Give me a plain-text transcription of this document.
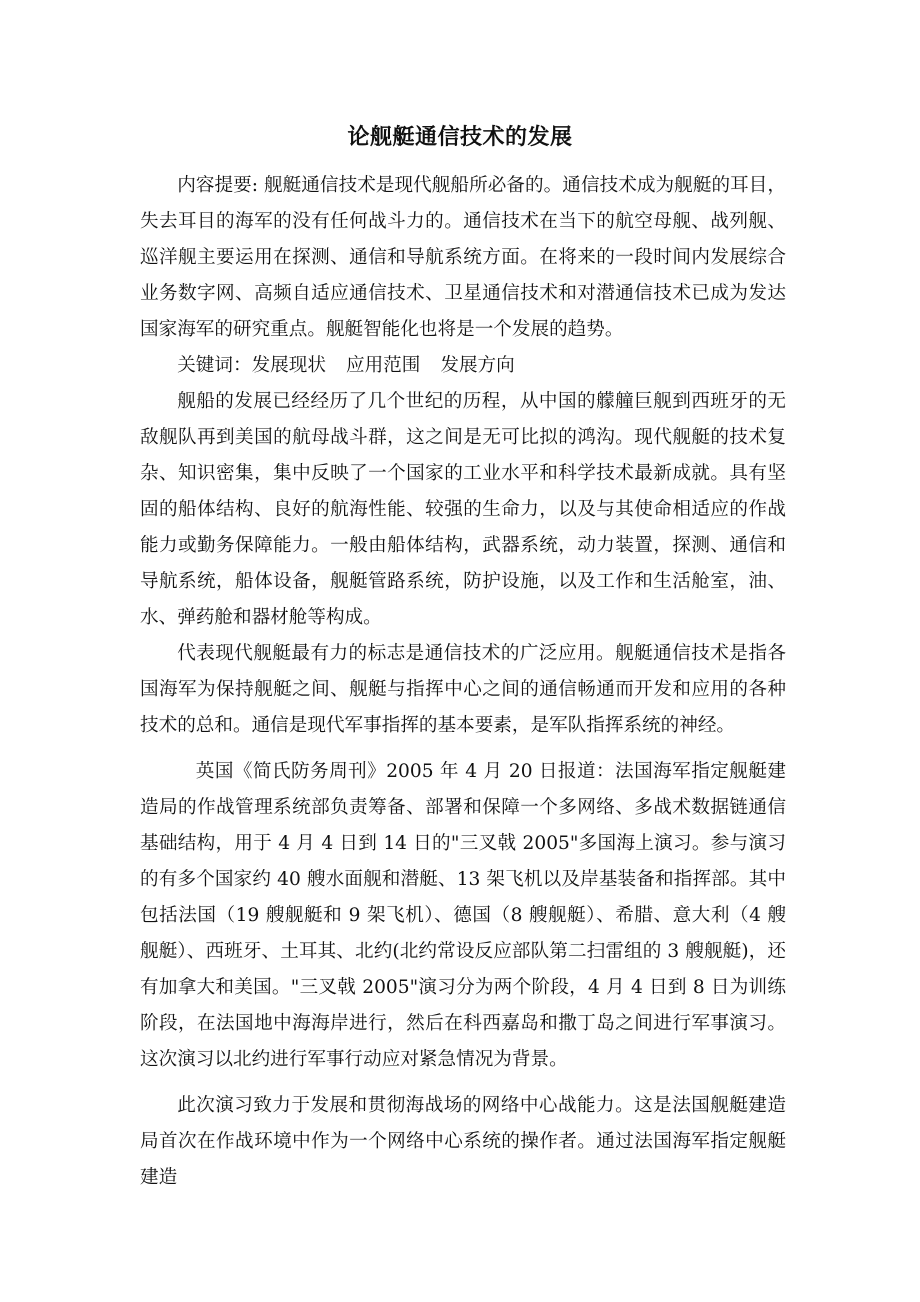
论舰艇通信技术的发展

内容提要: 舰艇通信技术是现代舰船所必备的。通信技术成为舰艇的耳目，失去耳目的海军的没有任何战斗力的。通信技术在当下的航空母舰、战列舰、巡洋舰主要运用在探测、通信和导航系统方面。在将来的一段时间内发展综合业务数字网、高频自适应通信技术、卫星通信技术和对潜通信技术已成为发达国家海军的研究重点。舰艇智能化也将是一个发展的趋势。

关键词：发展现状 应用范围 发展方向

舰船的发展已经经历了几个世纪的历程，从中国的艨艟巨舰到西班牙的无敌舰队再到美国的航母战斗群，这之间是无可比拟的鸿沟。现代舰艇的技术复杂、知识密集，集中反映了一个国家的工业水平和科学技术最新成就。具有坚固的船体结构、良好的航海性能、较强的生命力，以及与其使命相适应的作战能力或勤务保障能力。一般由船体结构，武器系统，动力装置，探测、通信和导航系统，船体设备，舰艇管路系统，防护设施，以及工作和生活舱室，油、水、弹药舱和器材舱等构成。

代表现代舰艇最有力的标志是通信技术的广泛应用。舰艇通信技术是指各国海军为保持舰艇之间、舰艇与指挥中心之间的通信畅通而开发和应用的各种技术的总和。通信是现代军事指挥的基本要素，是军队指挥系统的神经。

英国《简氏防务周刊》2005 年 4 月 20 日报道：法国海军指定舰艇建造局的作战管理系统部负责筹备、部署和保障一个多网络、多战术数据链通信基础结构，用于 4 月 4 日到 14 日的"三叉戟 2005"多国海上演习。参与演习的有多个国家约 40 艘水面舰和潜艇、13 架飞机以及岸基装备和指挥部。其中包括法国（19 艘舰艇和 9 架飞机）、德国（8 艘舰艇）、希腊、意大利（4 艘舰艇）、西班牙、土耳其、北约(北约常设反应部队第二扫雷组的 3 艘舰艇)，还有加拿大和美国。"三叉戟 2005"演习分为两个阶段，4 月 4 日到 8 日为训练阶段，在法国地中海海岸进行，然后在科西嘉岛和撒丁岛之间进行军事演习。这次演习以北约进行军事行动应对紧急情况为背景。

此次演习致力于发展和贯彻海战场的网络中心战能力。这是法国舰艇建造局首次在作战环境中作为一个网络中心系统的操作者。通过法国海军指定舰艇建造
